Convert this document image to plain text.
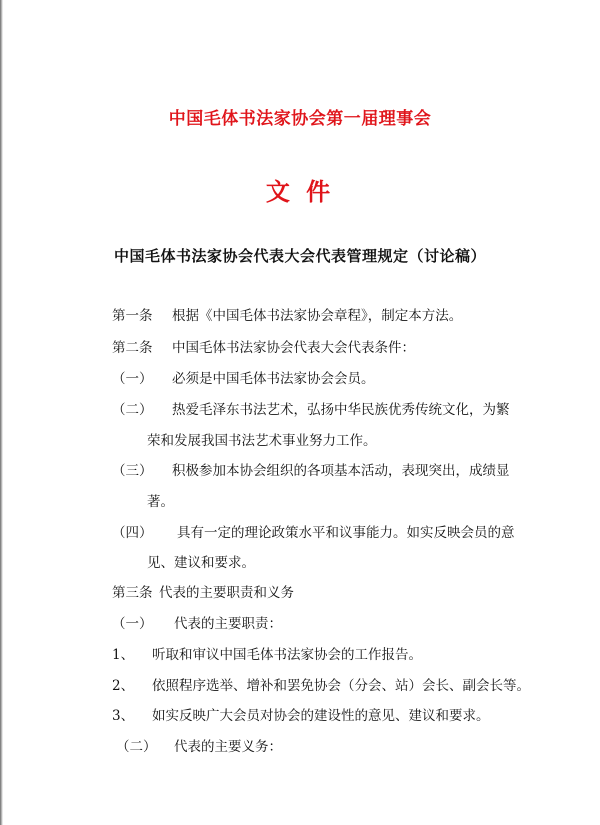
中国毛体书法家协会第一届理事会
文 件
中国毛体书法家协会代表大会代表管理规定（讨论稿）
第一条 根据《中国毛体书法家协会章程》，制定本方法。
第二条 中国毛体书法家协会代表大会代表条件：
（一） 必须是中国毛体书法家协会会员。
（二） 热爱毛泽东书法艺术，弘扬中华民族优秀传统文化，为繁
荣和发展我国书法艺术事业努力工作。
（三） 积极参加本协会组织的各项基本活动，表现突出，成绩显
著。
（四） 具有一定的理论政策水平和议事能力。如实反映会员的意
见、建议和要求。
第三条 代表的主要职责和义务
（一） 代表的主要职责：
1、 听取和审议中国毛体书法家协会的工作报告。
2、 依照程序选举、增补和罢免协会（分会、站）会长、副会长等。
3、 如实反映广大会员对协会的建设性的意见、建议和要求。
（二） 代表的主要义务：
